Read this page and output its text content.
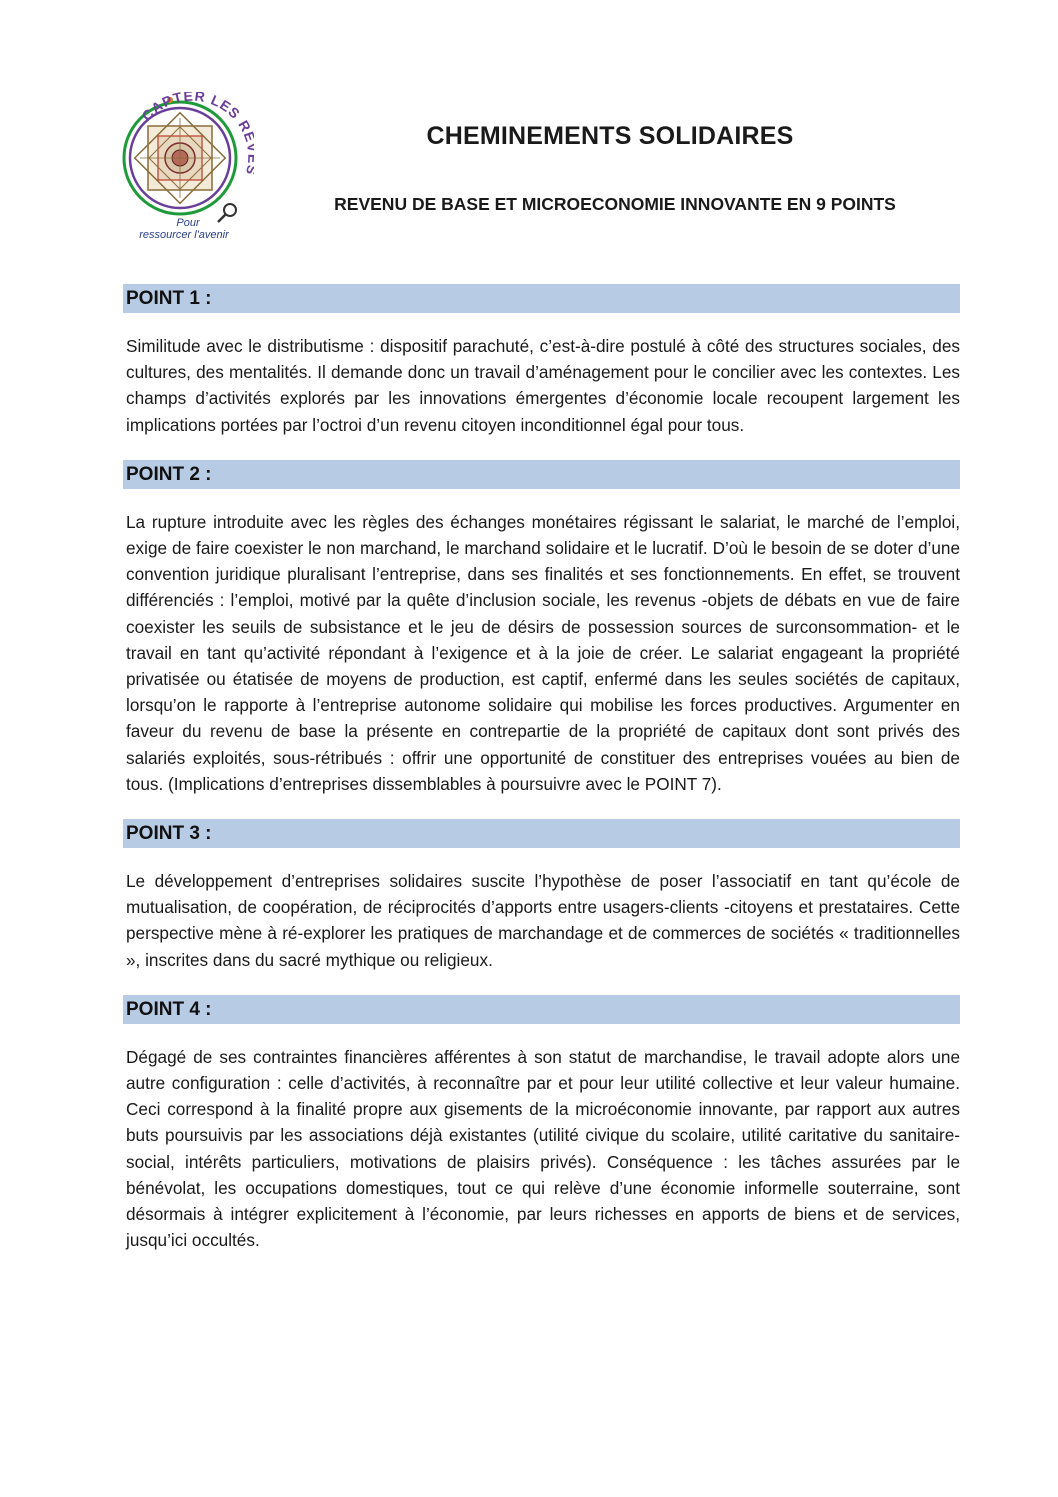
CAPTER LES R
Pour
ressourcer l'avenir
CHEMINEMENTS SOLIDAIRES
REVENU DE BASE ET MICROECONOMIE INNOVANTE EN 9 POINTS
POINT 1 :

Similitude avec le distributisme : dispositif parachuté, c’est-à-dire postulé à côté des structures sociales, des cultures, des mentalités. Il demande donc un travail d’aménagement pour le concilier avec les contextes. Les champs d’activités explorés par les innovations émergentes d’économie locale recoupent largement les implications portées par l’octroi d’un revenu citoyen inconditionnel égal pour tous.

POINT 2 :

La rupture introduite avec les règles des échanges monétaires régissant le salariat, le marché de l’emploi, exige de faire coexister le non marchand, le marchand solidaire et le lucratif. D’où le besoin de se doter d’une convention juridique pluralisant l’entreprise, dans ses finalités et ses fonctionnements. En effet, se trouvent différenciés : l’emploi, motivé par la quête d’inclusion sociale, les revenus -objets de débats en vue de faire coexister les seuils de subsistance et le jeu de désirs de possession sources de surconsommation- et le travail en tant qu’activité répondant à l’exigence et à la joie de créer. Le salariat engageant la propriété privatisée ou étatisée de moyens de production, est captif, enfermé dans les seules sociétés de capitaux, lorsqu’on le rapporte à l’entreprise autonome solidaire qui mobilise les forces productives. Argumenter en faveur du revenu de base la présente en contrepartie de la propriété de capitaux dont sont privés des salariés exploités, sous-rétribués : offrir une opportunité de constituer des entreprises vouées au bien de tous. (Implications d’entreprises dissemblables à poursuivre avec le POINT 7).

POINT 3 :

Le développement d’entreprises solidaires suscite l’hypothèse de poser l’associatif en tant qu’école de mutualisation, de coopération, de réciprocités d’apports entre usagers-clients -citoyens et prestataires. Cette perspective mène à ré-explorer les pratiques de marchandage et de commerces de sociétés « traditionnelles », inscrites dans du sacré mythique ou religieux.

POINT 4 :

Dégagé de ses contraintes financières afférentes à son statut de marchandise, le travail adopte alors une autre configuration : celle d’activités, à reconnaître par et pour leur utilité collective et leur valeur humaine. Ceci correspond à la finalité propre aux gisements de la microéconomie innovante, par rapport aux autres buts poursuivis par les associations déjà existantes (utilité civique du scolaire, utilité caritative du sanitaire-social, intérêts particuliers, motivations de plaisirs privés). Conséquence : les tâches assurées par le bénévolat, les occupations domestiques, tout ce qui relève d’une économie informelle souterraine, sont désormais à intégrer explicitement à l’économie, par leurs richesses en apports de biens et de services, jusqu’ici occultés.
